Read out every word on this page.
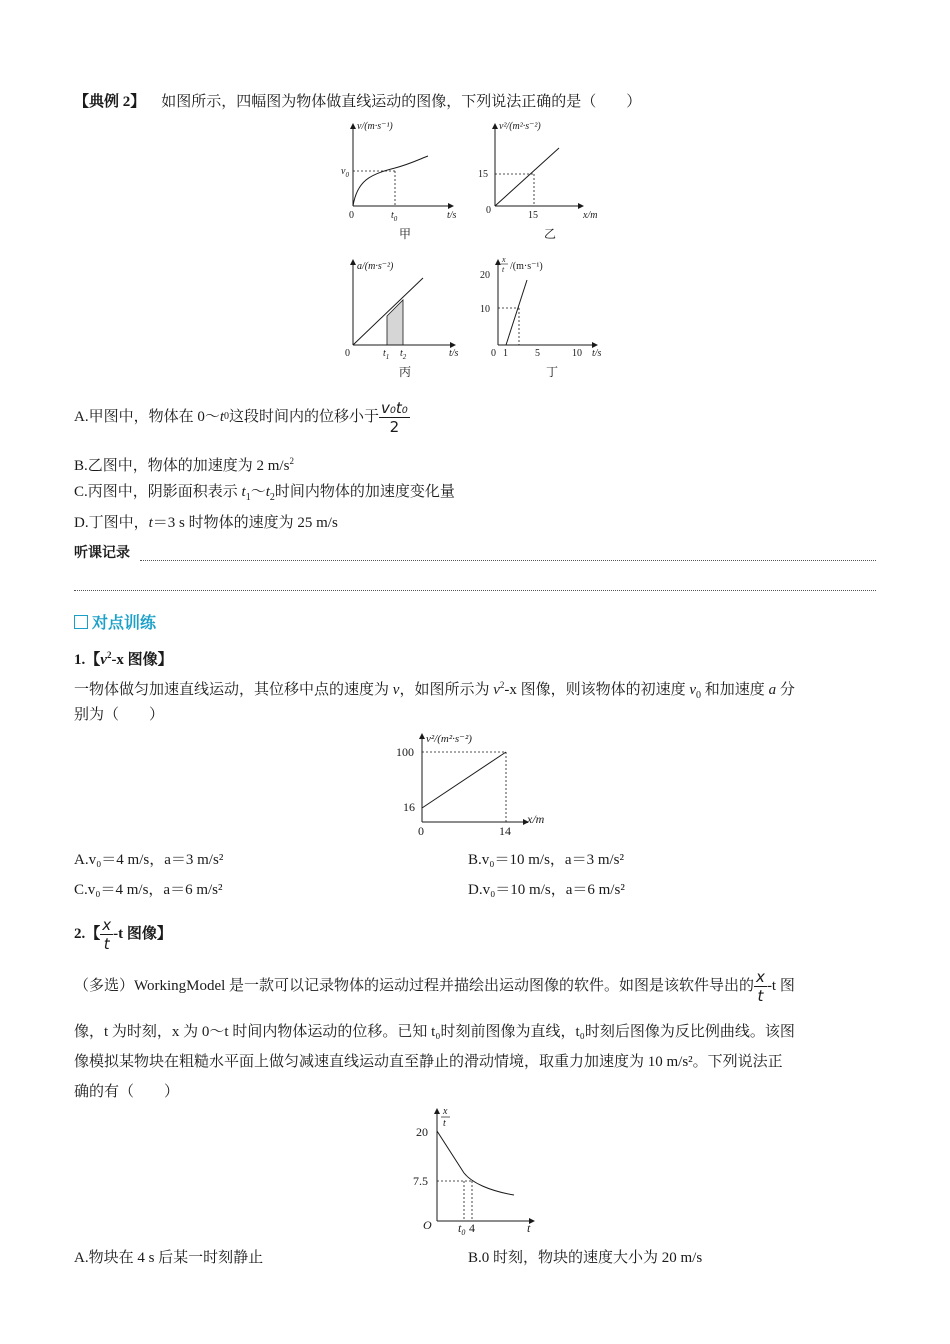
【典例 2】 如图所示，四幅图为物体做直线运动的图像，下列说法正确的是（　　）
v/(m·s⁻¹)
$v_0$
0	$t_0$	t/s
甲
v²/(m²·s⁻²)
15
0	15	x/m
乙
a/(m·s⁻²)
0	$t_1$ $t_2$	t/s
丙
x
t /(m·s⁻¹)
20
10
0 1	5	10 t/s
丁
A.甲图中，物体在 0～ t 0 这段时间内的位移小于 $\frac{\text{v₀t₀}}{2}$
B.乙图中，物体的加速度为 2 $m/s^2$
C.丙图中，阴影面积表示 $t_1\sim t_2$时间内物体的加速度变化量
D.丁图中，t＝3 s 时物体的速度为 25 m/s
听课记录
对点训练
1.【$v^2-x$ 图像】
一物体做匀加速直线运动，其位移中点的速度为 v，如图所示为 $v^2-x$ 图像，则该物体的初速度 $v_0$ 和加速度 a 分
别为（　　）
v²/(m²·s⁻²)
100
16
0	14
x/m
A.v₀＝4 m/s，a＝3 m/s²	B.v₀＝10 m/s，a＝3 m/s²
C.v₀＝4 m/s，a＝6 m/s²	D.v₀＝10 m/s，a＝6 m/s²
2.【 $\frac{x}{t} -t$ 图像】
（多选）WorkingModel 是一款可以记录物体的运动过程并描绘出运动图像的软件。如图是该软件导出的 $\frac{x}{t} -t$ 图
像，t 为时刻，x 为 0～t 时间内物体运动的位移。已知 t₀时刻前图像为直线，t₀时刻后图像为反比例曲线。该图
像模拟某物块在粗糙水平面上做匀减速直线运动直至静止的滑动情境，取重力加速度为 10 m/s²。下列说法正
确的有（　　）
x
t
20
7.5
O $t_0$ 4	t
A.物块在 4 s 后某一时刻静止	B.0 时刻，物块的速度大小为 20 m/s
